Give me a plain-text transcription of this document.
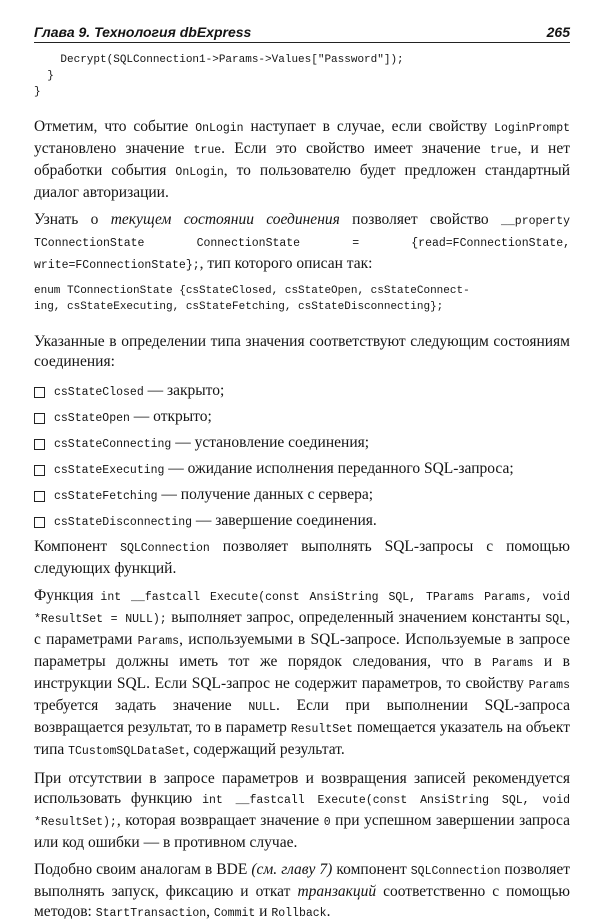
Глава 9. Технология dbExpress	265
Decrypt(SQLConnection1->Params->Values["Password"]);
}
}

Отметим, что событие OnLogin наступает в случае, если свойству LoginPrompt установлено значение true. Если это свойство имеет значение true, и нет обработки события OnLogin, то пользователю будет предложен стандартный диалог авторизации.

Узнать о текущем состоянии соединения позволяет свойство __property TConnectionState ConnectionState = {read=FConnectionState, write=FConnectionState};, тип которого описан так:

enum TConnectionState {csStateClosed, csStateOpen, csStateConnect-
ing, csStateExecuting, csStateFetching, csStateDisconnecting};

Указанные в определении типа значения соответствуют следующим состояниям соединения:

csStateClosed — закрыто;
csStateOpen — открыто;
csStateConnecting — установление соединения;
csStateExecuting — ожидание исполнения переданного SQL-запроса;
csStateFetching — получение данных с сервера;
csStateDisconnecting — завершение соединения.

Компонент SQLConnection позволяет выполнять SQL-запросы с помощью следующих функций.

Функция int __fastcall Execute(const AnsiString SQL, TParams Params, void *ResultSet = NULL); выполняет запрос, определенный значением константы SQL, с параметрами Params, используемыми в SQL-запросе. Используемые в запросе параметры должны иметь тот же порядок следования, что в Params и в инструкции SQL. Если SQL-запрос не содержит параметров, то свойству Params требуется задать значение NULL. Если при выполнении SQL-запроса возвращается результат, то в параметр ResultSet помещается указатель на объект типа TCustomSQLDataSet, содержащий результат.

При отсутствии в запросе параметров и возвращения записей рекомендуется использовать функцию int __fastcall Execute(const AnsiString SQL, void *ResultSet);, которая возвращает значение 0 при успешном завершении запроса или код ошибки — в противном случае.

Подобно своим аналогам в BDE (см. главу 7) компонент SQLConnection позволяет выполнять запуск, фиксацию и откат транзакций соответственно с помощью методов: StartTransaction, Commit и Rollback.
